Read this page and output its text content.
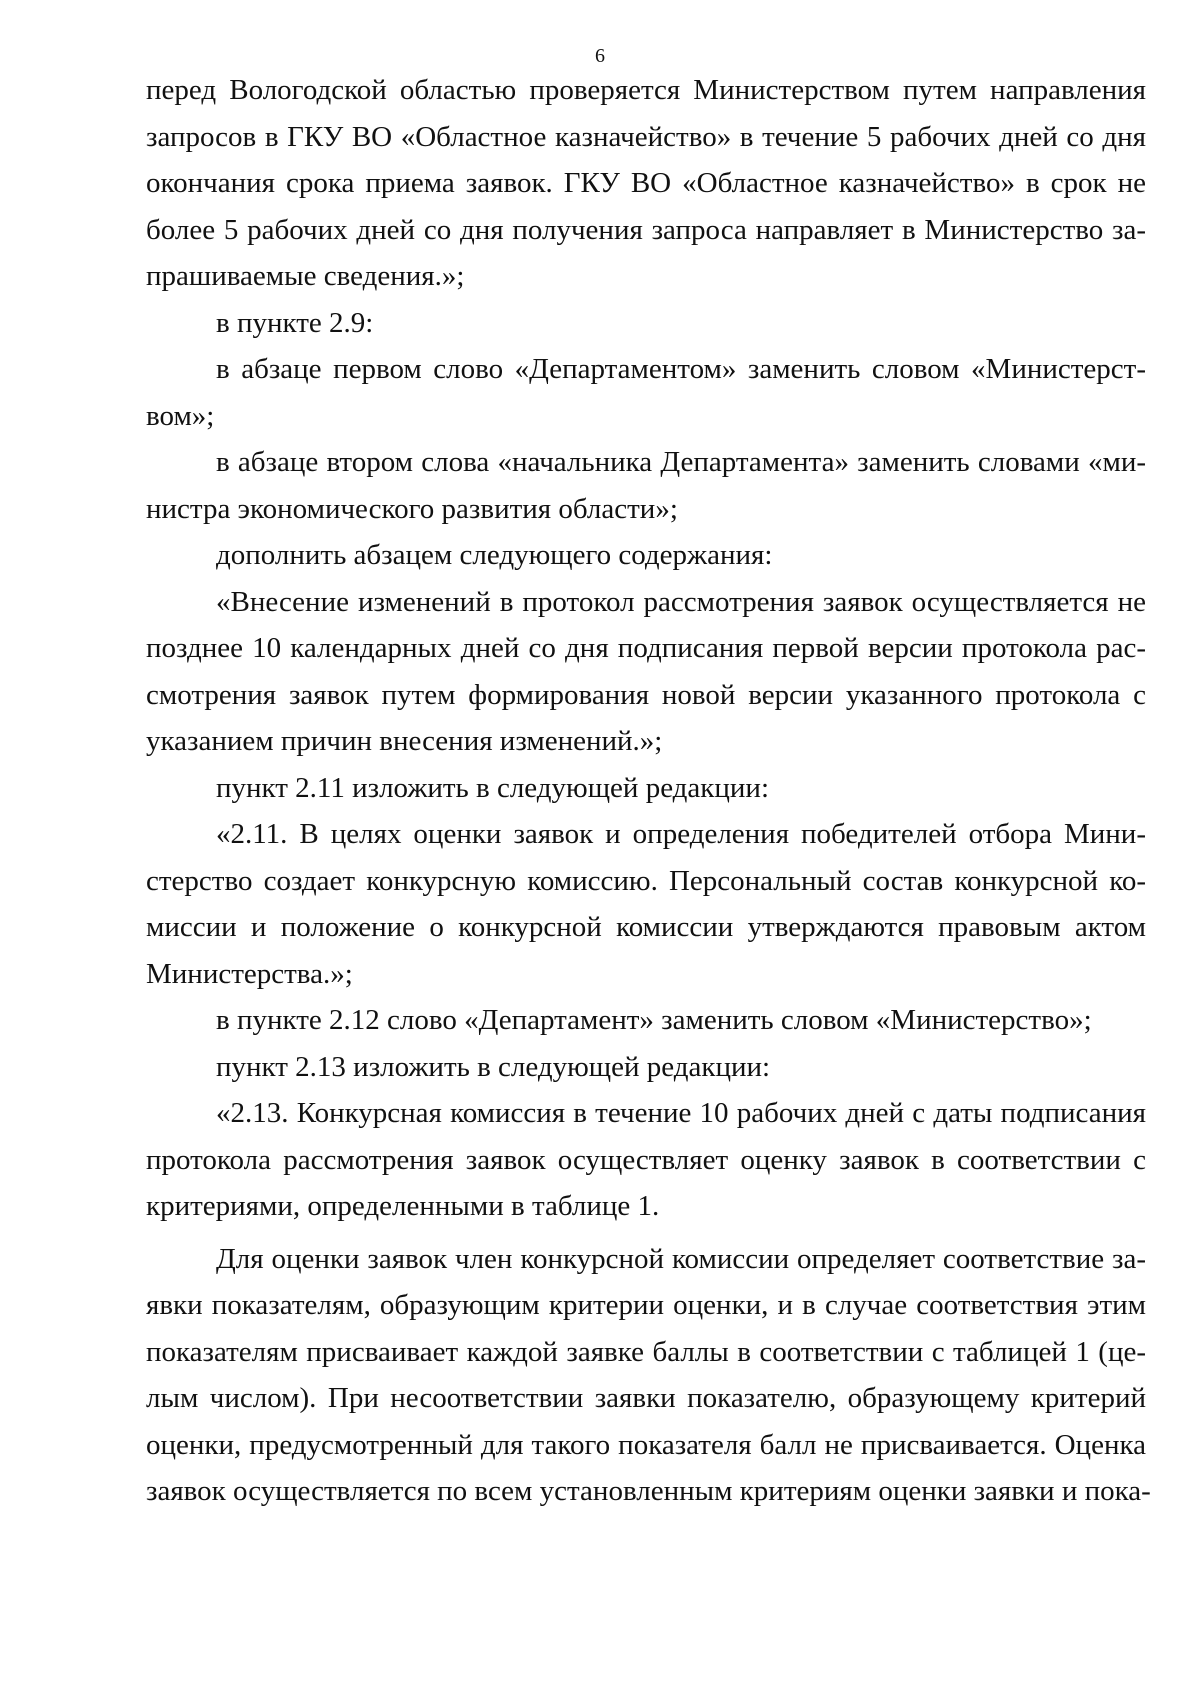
6
перед Вологодской областью проверяется Министерством путем направления
запросов в ГКУ ВО «Областное казначейство» в течение 5 рабочих дней со дня
окончания срока приема заявок. ГКУ ВО «Областное казначейство» в срок не
более 5 рабочих дней со дня получения запроса направляет в Министерство за-
прашиваемые сведения.»;
в пункте 2.9:
в абзаце первом слово «Департаментом» заменить словом «Министерст-
вом»;
в абзаце втором слова «начальника Департамента» заменить словами «ми-
нистра экономического развития области»;
дополнить абзацем следующего содержания:
«Внесение изменений в протокол рассмотрения заявок осуществляется не
позднее 10 календарных дней со дня подписания первой версии протокола рас-
смотрения заявок путем формирования новой версии указанного протокола с
указанием причин внесения изменений.»;
пункт 2.11 изложить в следующей редакции:
«2.11. В целях оценки заявок и определения победителей отбора Мини-
стерство создает конкурсную комиссию. Персональный состав конкурсной ко-
миссии и положение о конкурсной комиссии утверждаются правовым актом
Министерства.»;
в пункте 2.12 слово «Департамент» заменить словом «Министерство»;
пункт 2.13 изложить в следующей редакции:
«2.13. Конкурсная комиссия в течение 10 рабочих дней с даты подписания
протокола рассмотрения заявок осуществляет оценку заявок в соответствии с
критериями, определенными в таблице 1.
Для оценки заявок член конкурсной комиссии определяет соответствие за-
явки показателям, образующим критерии оценки, и в случае соответствия этим
показателям присваивает каждой заявке баллы в соответствии с таблицей 1 (це-
лым числом). При несоответствии заявки показателю, образующему критерий
оценки, предусмотренный для такого показателя балл не присваивается. Оценка
заявок осуществляется по всем установленным критериям оценки заявки и пока-
